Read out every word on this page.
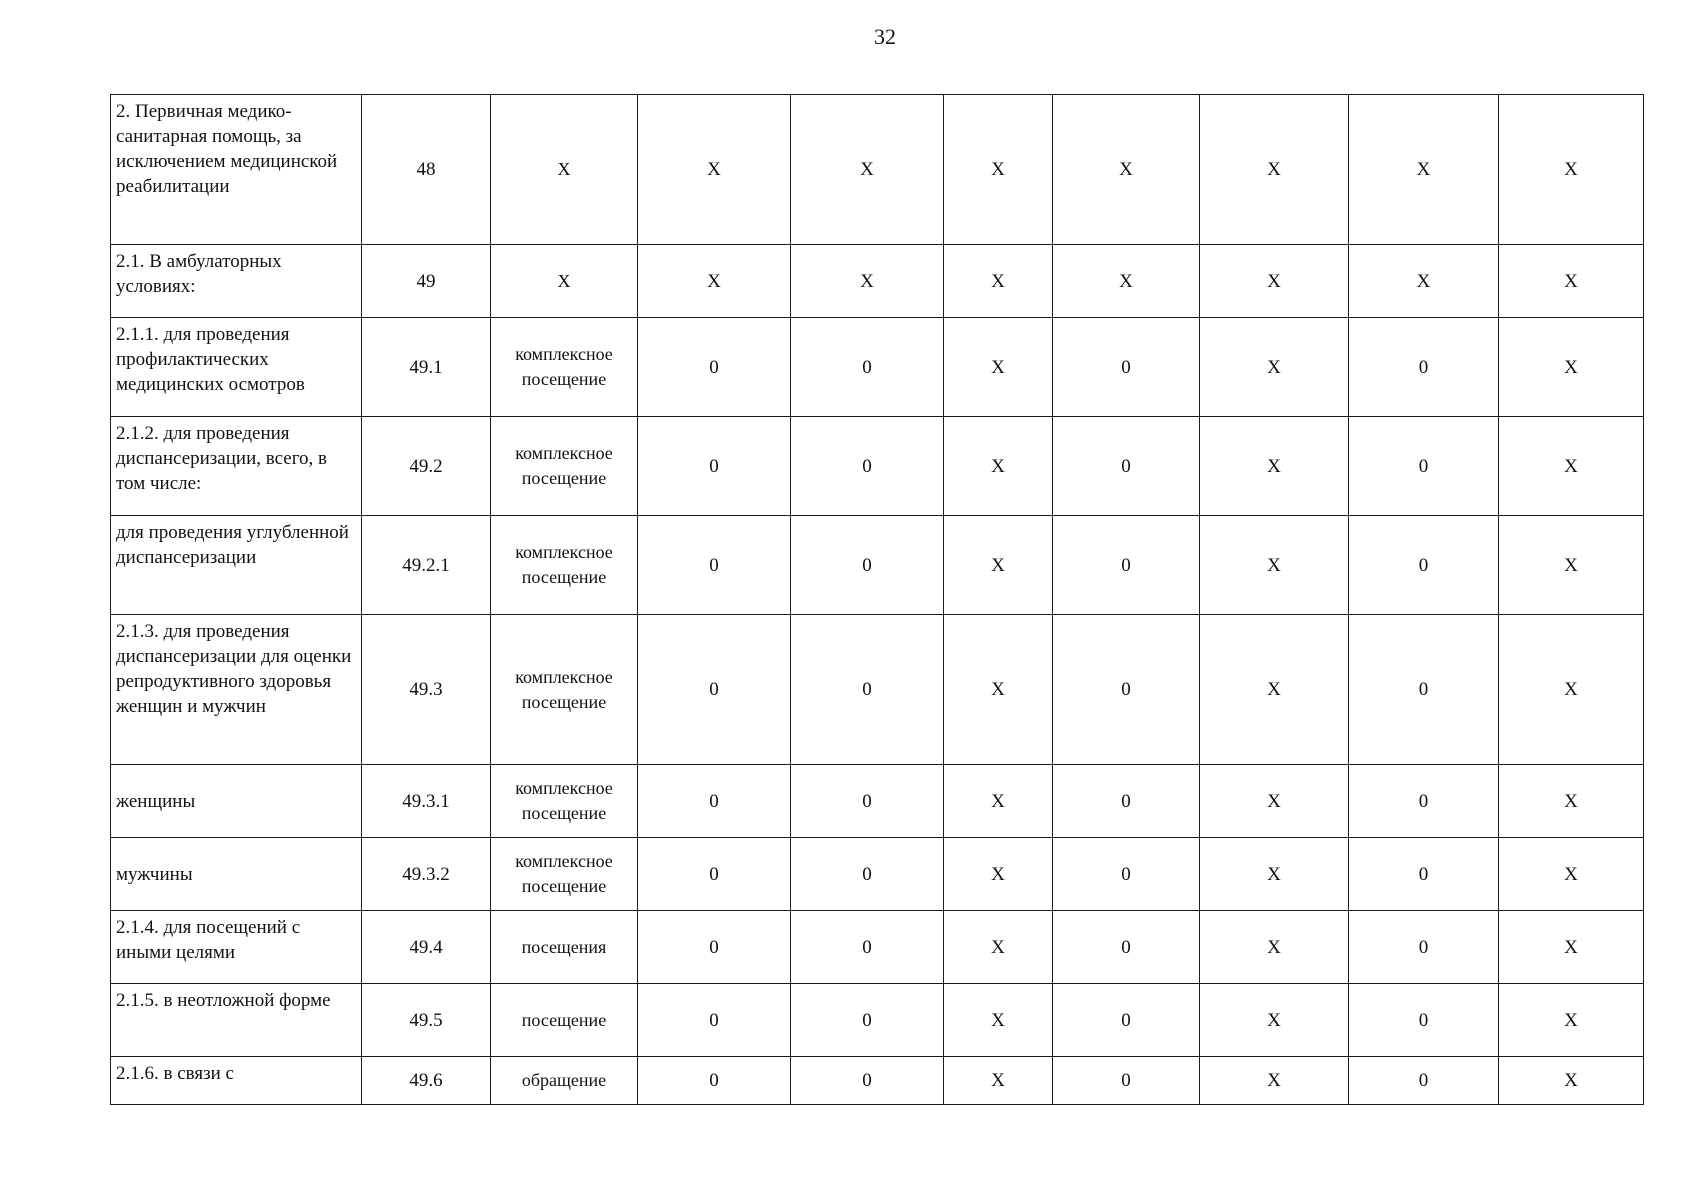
32
2. Первичная медико-санитарная помощь, за исключением медицинской реабилитации	48	Х	Х	Х	Х	Х	Х	Х	Х
2.1. В амбулаторных условиях:	49	Х	Х	Х	Х	Х	Х	Х	Х
2.1.1. для проведения профилактических медицинских осмотров	49.1	комплексное посещение	0	0	Х	0	Х	0	Х
2.1.2. для проведения диспансеризации, всего, в том числе:	49.2	комплексное посещение	0	0	Х	0	Х	0	Х
для проведения углубленной диспансеризации	49.2.1	комплексное посещение	0	0	Х	0	Х	0	Х
2.1.3. для проведения диспансеризации для оценки репродуктивного здоровья женщин и мужчин	49.3	комплексное посещение	0	0	Х	0	Х	0	Х
женщины	49.3.1	комплексное посещение	0	0	Х	0	Х	0	Х
мужчины	49.3.2	комплексное посещение	0	0	Х	0	Х	0	Х
2.1.4. для посещений с иными целями	49.4	посещения	0	0	Х	0	Х	0	Х
2.1.5. в неотложной форме	49.5	посещение	0	0	Х	0	Х	0	Х
2.1.6. в связи с	49.6	обращение	0	0	Х	0	Х	0	Х
